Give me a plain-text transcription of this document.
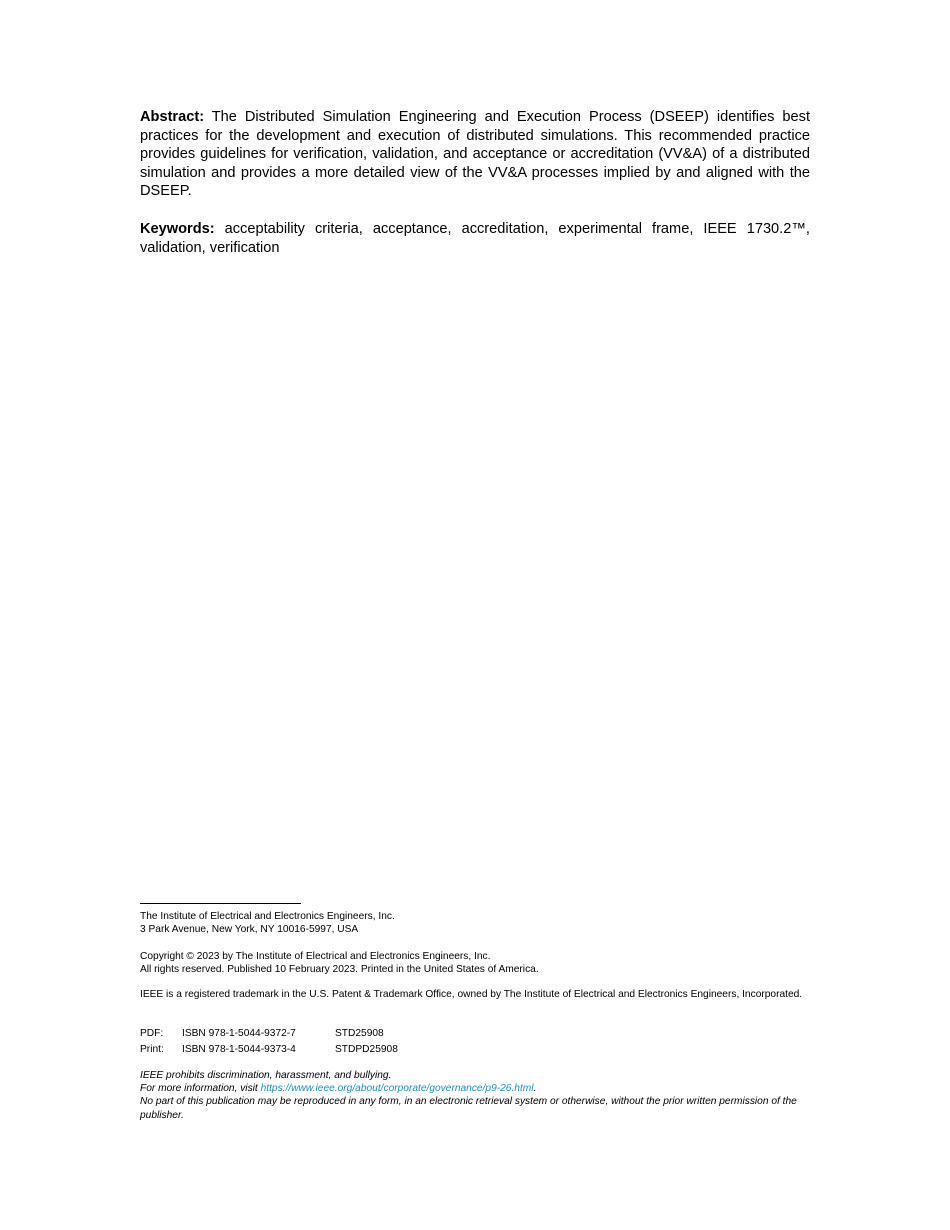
Abstract: The Distributed Simulation Engineering and Execution Process (DSEEP) identifies best practices for the development and execution of distributed simulations. This recommended practice provides guidelines for verification, validation, and acceptance or accreditation (VV&A) of a distributed simulation and provides a more detailed view of the VV&A processes implied by and aligned with the DSEEP.

Keywords: acceptability criteria, acceptance, accreditation, experimental frame, IEEE 1730.2™, validation, verification

The Institute of Electrical and Electronics Engineers, Inc.
3 Park Avenue, New York, NY 10016-5997, USA

Copyright © 2023 by The Institute of Electrical and Electronics Engineers, Inc.
All rights reserved. Published 10 February 2023. Printed in the United States of America.

IEEE is a registered trademark in the U.S. Patent & Trademark Office, owned by The Institute of Electrical and Electronics Engineers, Incorporated.

PDF: ISBN 978-1-5044-9372-7	STD25908
Print: ISBN 978-1-5044-9373-4	STDPD25908

IEEE prohibits discrimination, harassment, and bullying.
For more information, visit https://www.ieee.org/about/corporate/governance/p9-26.html.
No part of this publication may be reproduced in any form, in an electronic retrieval system or otherwise, without the prior written permission of the publisher.
